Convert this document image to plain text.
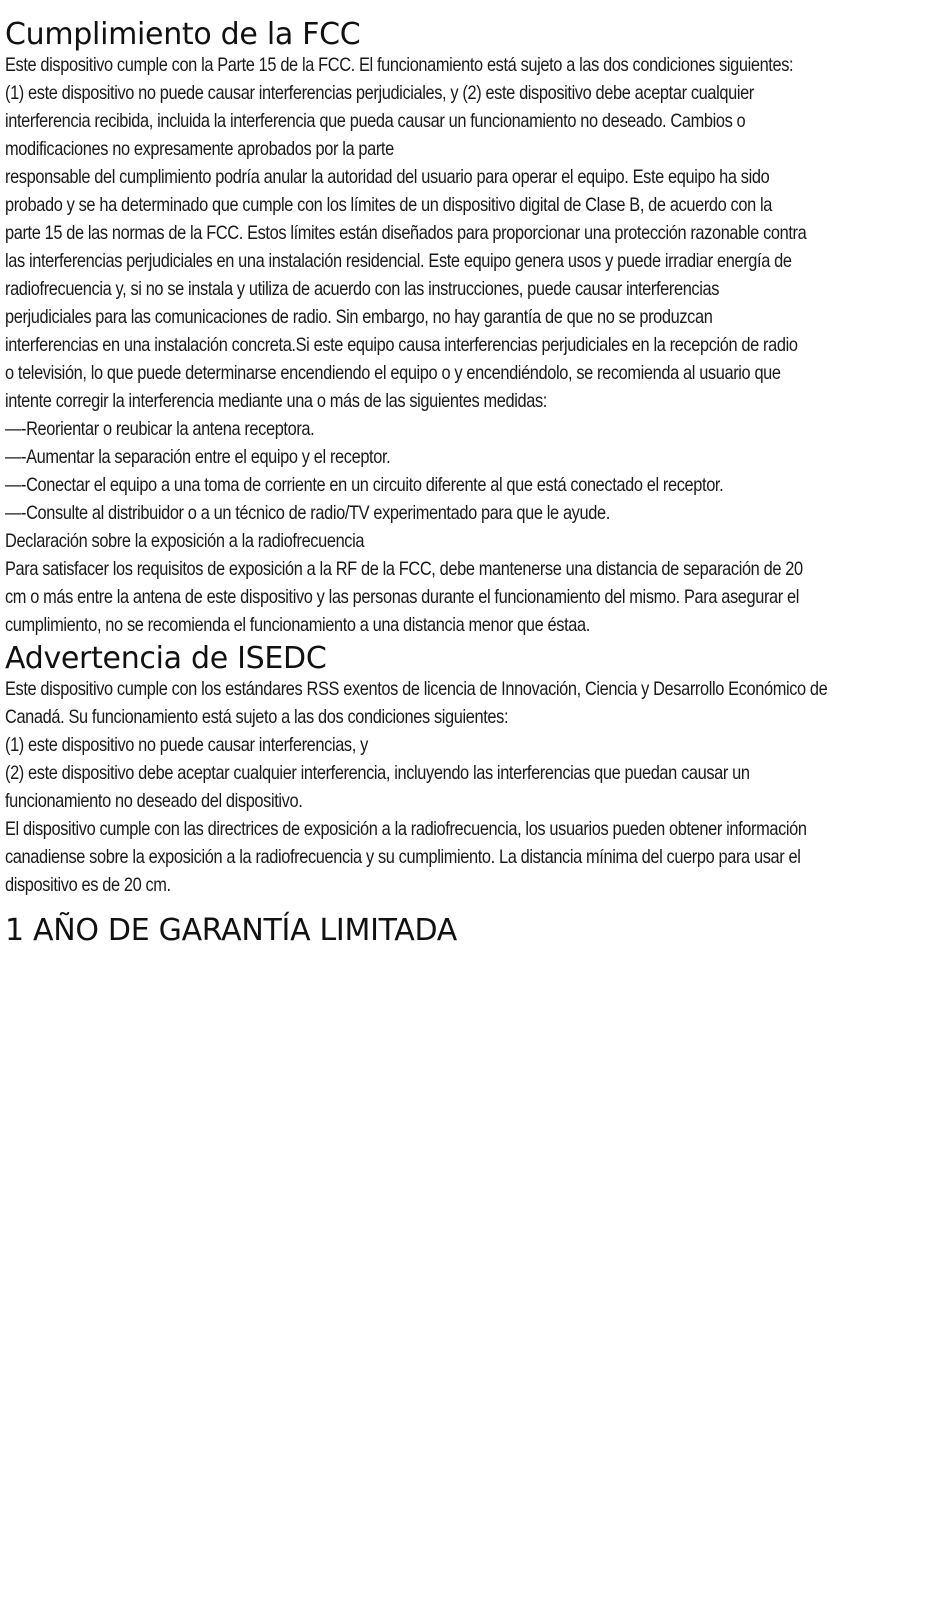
Cumplimiento de la FCC
Este dispositivo cumple con la Parte 15 de la FCC. El funcionamiento está sujeto a las dos condiciones siguientes:
(1) este dispositivo no puede causar interferencias perjudiciales, y (2) este dispositivo debe aceptar cualquier
interferencia recibida, incluida la interferencia que pueda causar un funcionamiento no deseado. Cambios o
modificaciones no expresamente aprobados por la parte
responsable del cumplimiento podría anular la autoridad del usuario para operar el equipo. Este equipo ha sido
probado y se ha determinado que cumple con los límites de un dispositivo digital de Clase B, de acuerdo con la
parte 15 de las normas de la FCC. Estos límites están diseñados para proporcionar una protección razonable contra
las interferencias perjudiciales en una instalación residencial. Este equipo genera usos y puede irradiar energía de
radiofrecuencia y, si no se instala y utiliza de acuerdo con las instrucciones, puede causar interferencias
perjudiciales para las comunicaciones de radio. Sin embargo, no hay garantía de que no se produzcan
interferencias en una instalación concreta.Si este equipo causa interferencias perjudiciales en la recepción de radio
o televisión, lo que puede determinarse encendiendo el equipo o y encendiéndolo, se recomienda al usuario que
intente corregir la interferencia mediante una o más de las siguientes medidas:
—-Reorientar o reubicar la antena receptora.
—-Aumentar la separación entre el equipo y el receptor.
—-Conectar el equipo a una toma de corriente en un circuito diferente al que está conectado el receptor.
—-Consulte al distribuidor o a un técnico de radio/TV experimentado para que le ayude.
Declaración sobre la exposición a la radiofrecuencia
Para satisfacer los requisitos de exposición a la RF de la FCC, debe mantenerse una distancia de separación de 20
cm o más entre la antena de este dispositivo y las personas durante el funcionamiento del mismo. Para asegurar el
cumplimiento, no se recomienda el funcionamiento a una distancia menor que éstaa.
Advertencia de ISEDC
Este dispositivo cumple con los estándares RSS exentos de licencia de Innovación, Ciencia y Desarrollo Económico de
Canadá. Su funcionamiento está sujeto a las dos condiciones siguientes:
(1) este dispositivo no puede causar interferencias, y
(2) este dispositivo debe aceptar cualquier interferencia, incluyendo las interferencias que puedan causar un
funcionamiento no deseado del dispositivo.
El dispositivo cumple con las directrices de exposición a la radiofrecuencia, los usuarios pueden obtener información
canadiense sobre la exposición a la radiofrecuencia y su cumplimiento. La distancia mínima del cuerpo para usar el
dispositivo es de 20 cm.
1 AÑO DE GARANTÍA LIMITADA
